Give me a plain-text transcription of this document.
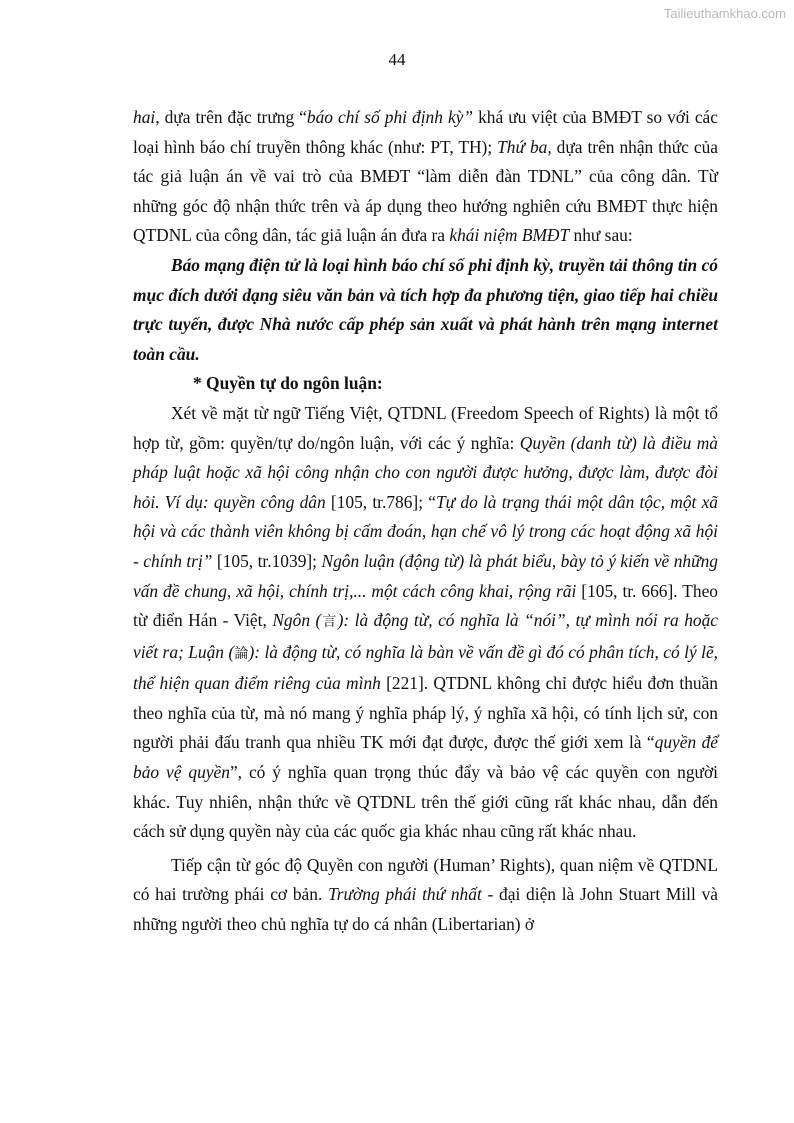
Tailieuthamkhao.com
44

hai, dựa trên đặc trưng “báo chí số phi định kỳ” khá ưu việt của BMĐT so với các loại hình báo chí truyền thông khác (như: PT, TH); Thứ ba, dựa trên nhận thức của tác giả luận án về vai trò của BMĐT “làm diễn đàn TDNL” của công dân. Từ những góc độ nhận thức trên và áp dụng theo hướng nghiên cứu BMĐT thực hiện QTDNL của công dân, tác giả luận án đưa ra khái niệm BMĐT như sau:

Báo mạng điện tử là loại hình báo chí số phi định kỳ, truyền tải thông tin có mục đích dưới dạng siêu văn bản và tích hợp đa phương tiện, giao tiếp hai chiều trực tuyến, được Nhà nước cấp phép sản xuất và phát hành trên mạng internet toàn cầu.

* Quyền tự do ngôn luận:

Xét về mặt từ ngữ Tiếng Việt, QTDNL (Freedom Speech of Rights) là một tổ hợp từ, gồm: quyền/tự do/ngôn luận, với các ý nghĩa: Quyền (danh từ) là điều mà pháp luật hoặc xã hội công nhận cho con người được hưởng, được làm, được đòi hỏi. Ví dụ: quyền công dân [105, tr.786]; “Tự do là trạng thái một dân tộc, một xã hội và các thành viên không bị cấm đoán, hạn chế vô lý trong các hoạt động xã hội - chính trị” [105, tr.1039]; Ngôn luận (động từ) là phát biểu, bày tỏ ý kiến về những vấn đề chung, xã hội, chính trị,... một cách công khai, rộng rãi [105, tr. 666]. Theo từ điển Hán - Việt, Ngôn (言): là động từ, có nghĩa là “nói”, tự mình nói ra hoặc viết ra; Luận (論): là động từ, có nghĩa là bàn về vấn đề gì đó có phân tích, có lý lẽ, thể hiện quan điểm riêng của mình [221]. QTDNL không chỉ được hiểu đơn thuần theo nghĩa của từ, mà nó mang ý nghĩa pháp lý, ý nghĩa xã hội, có tính lịch sử, con người phải đấu tranh qua nhiều TK mới đạt được, được thế giới xem là “quyền để bảo vệ quyền”, có ý nghĩa quan trọng thúc đẩy và bảo vệ các quyền con người khác. Tuy nhiên, nhận thức về QTDNL trên thế giới cũng rất khác nhau, dẫn đến cách sử dụng quyền này của các quốc gia khác nhau cũng rất khác nhau.

Tiếp cận từ góc độ Quyền con người (Human’ Rights), quan niệm về QTDNL có hai trường phái cơ bản. Trường phái thứ nhất - đại diện là John Stuart Mill và những người theo chủ nghĩa tự do cá nhân (Libertarian) ở
